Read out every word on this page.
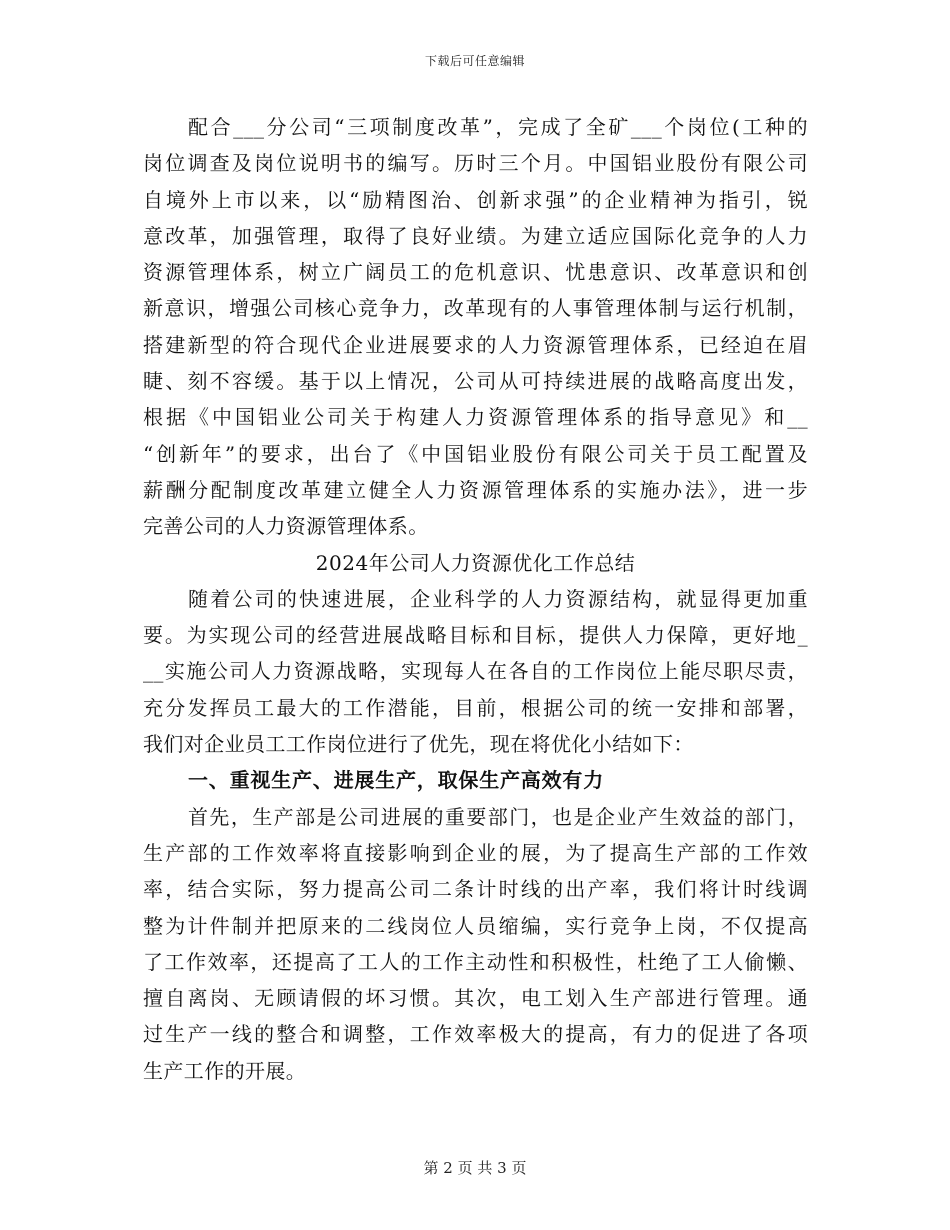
下载后可任意编辑
配合___分公司“三项制度改革”，完成了全矿___个岗位(工种的
岗位调查及岗位说明书的编写。历时三个月。中国铝业股份有限公司
自境外上市以来，以“励精图治、创新求强”的企业精神为指引，锐
意改革，加强管理，取得了良好业绩。为建立适应国际化竞争的人力
资源管理体系，树立广阔员工的危机意识、忧患意识、改革意识和创
新意识，增强公司核心竞争力，改革现有的人事管理体制与运行机制，
搭建新型的符合现代企业进展要求的人力资源管理体系，已经迫在眉
睫、刻不容缓。基于以上情况，公司从可持续进展的战略高度出发，
根据《中国铝业公司关于构建人力资源管理体系的指导意见》和__
“创新年”的要求，出台了《中国铝业股份有限公司关于员工配置及
薪酬分配制度改革建立健全人力资源管理体系的实施办法》，进一步
完善公司的人力资源管理体系。
2024年公司人力资源优化工作总结
随着公司的快速进展，企业科学的人力资源结构，就显得更加重
要。为实现公司的经营进展战略目标和目标，提供人力保障，更好地_
__实施公司人力资源战略，实现每人在各自的工作岗位上能尽职尽责，
充分发挥员工最大的工作潜能，目前，根据公司的统一安排和部署，
我们对企业员工工作岗位进行了优先，现在将优化小结如下：
一、重视生产、进展生产，取保生产高效有力
首先，生产部是公司进展的重要部门，也是企业产生效益的部门，
生产部的工作效率将直接影响到企业的展，为了提高生产部的工作效
率，结合实际，努力提高公司二条计时线的出产率，我们将计时线调
整为计件制并把原来的二线岗位人员缩编，实行竞争上岗，不仅提高
了工作效率，还提高了工人的工作主动性和积极性，杜绝了工人偷懒、
擅自离岗、无顾请假的坏习惯。其次，电工划入生产部进行管理。通
过生产一线的整合和调整，工作效率极大的提高，有力的促进了各项
生产工作的开展。
第 2 页 共 3 页
